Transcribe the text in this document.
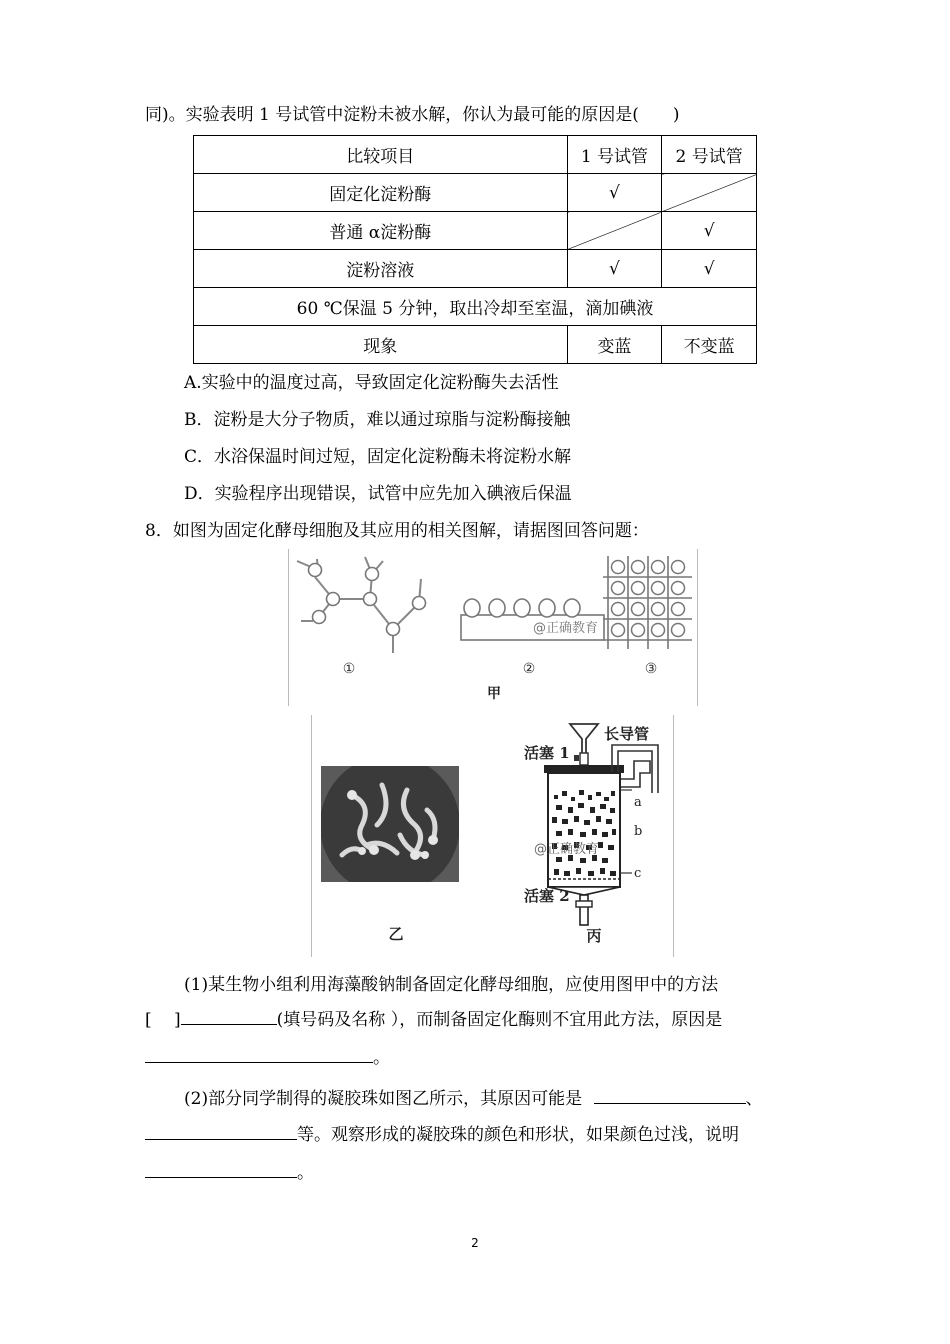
同)。实验表明 1 号试管中淀粉未被水解，你认为最可能的原因是(　　)
比较项目	1 号试管	2 号试管
固定化淀粉酶	√	
普通 α淀粉酶		√
淀粉溶液	√	√
60 ℃保温 5 分钟，取出冷却至室温，滴加碘液		
现象	变蓝	不变蓝
A.实验中的温度过高，导致固定化淀粉酶失去活性
B．淀粉是大分子物质，难以通过琼脂与淀粉酶接触
C．水浴保温时间过短，固定化淀粉酶未将淀粉水解
D．实验程序出现错误，试管中应先加入碘液后保温
8．如图为固定化酵母细胞及其应用的相关图解，请据图回答问题：
@正确教育
①	②	③
甲
乙
长导管
活塞 1
活塞 2
a
b
c
@正确教育
丙
(1)某生物小组利用海藻酸钠制备固定化酵母细胞，应使用图甲中的方法
[　 ]	(填号码及名称 ），而制备固定化酶则不宜用此方法，原因是
。
(2)部分同学制得的凝胶珠如图乙所示，其原因可能是	、
等。观察形成的凝胶珠的颜色和形状，如果颜色过浅，说明
。
2
